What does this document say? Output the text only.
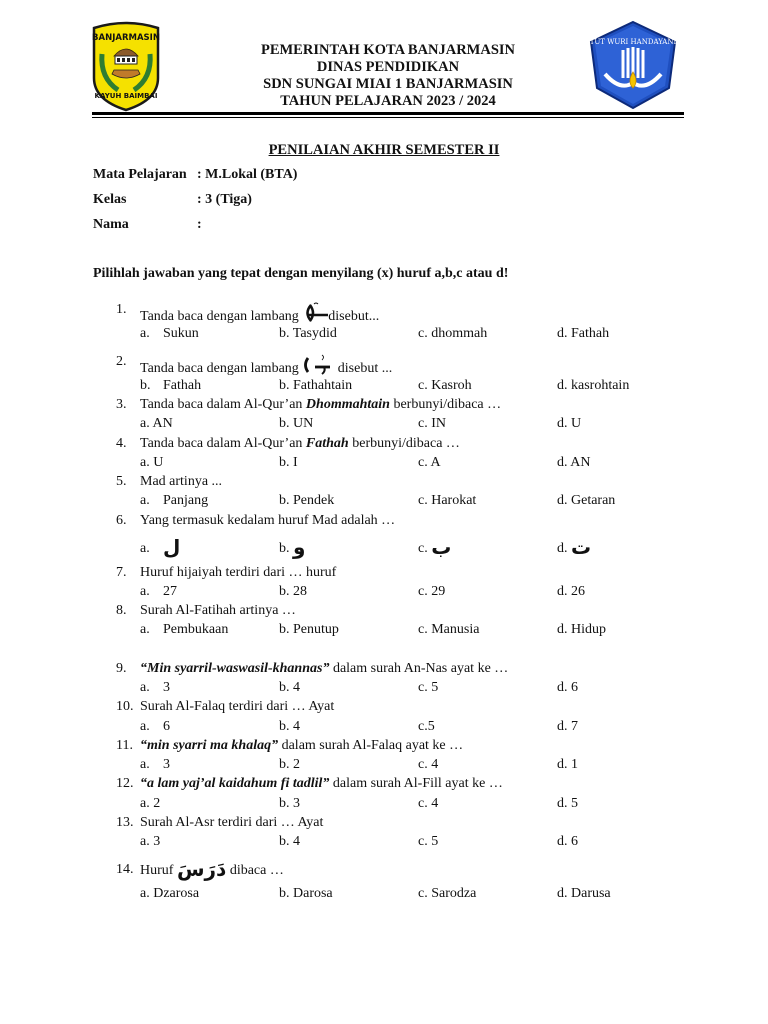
BANJARMASIN
KAYUH BAIMBAI
PEMERINTAH KOTA BANJARMASIN
DINAS PENDIDIKAN
SDN SUNGAI MIAI 1 BANJARMASIN
TAHUN PELAJARAN 2023 / 2024
TUT WURI HANDAYANI
PENILAIAN AKHIR SEMESTER II
Mata Pelajaran : M.Lokal (BTA)
Kelas	: 3 (Tiga)
Nama	:
Pilihlah jawaban yang tepat dengan menyilang (x) huruf a,b,c atau d!
1. Tanda baca dengan lambang disebut...
a. Sukun	b. Tasydid	c. dhommah	d. Fathah
2. Tanda baca dengan lambang	disebut ...
b. Fathah	b. Fathahtain	c. Kasroh	d. kasrohtain
3. Tanda baca dalam Al-Qur’an Dhommahtain berbunyi/dibaca …
a. AN	b. UN	c. IN	d. U
4. Tanda baca dalam Al-Qur’an Fathah berbunyi/dibaca …
a. U	b. I	c. A	d. AN
5. Mad artinya ...
a. Panjang	b. Pendek	c. Harokat	d. Getaran
6. Yang termasuk kedalam huruf Mad adalah …
a. ل	b. و	c. ب	d. ت
7. Huruf hijaiyah terdiri dari … huruf
a. 27	b. 28	c. 29	d. 26
8. Surah Al-Fatihah artinya …
a. Pembukaan	b. Penutup	c. Manusia	d. Hidup
9. “Min syarril-waswasil-khannas” dalam surah An-Nas ayat ke …
a. 3	b. 4	c. 5	d. 6
10. Surah Al-Falaq terdiri dari … Ayat
a. 6	b. 4	c.5	d. 7
11. “min syarri ma khalaq” dalam surah Al-Falaq ayat ke …
a. 3	b. 2	c. 4	d. 1
12. “a lam yaj’al kaidahum fi tadlil” dalam surah Al-Fill ayat ke …
a. 2	b. 3	c. 4	d. 5
13. Surah Al-Asr terdiri dari … Ayat
a. 3	b. 4	c. 5	d. 6
14. Huruf دَرَسَ dibaca …
a. Dzarosa	b. Darosa	c. Sarodza	d. Darusa
